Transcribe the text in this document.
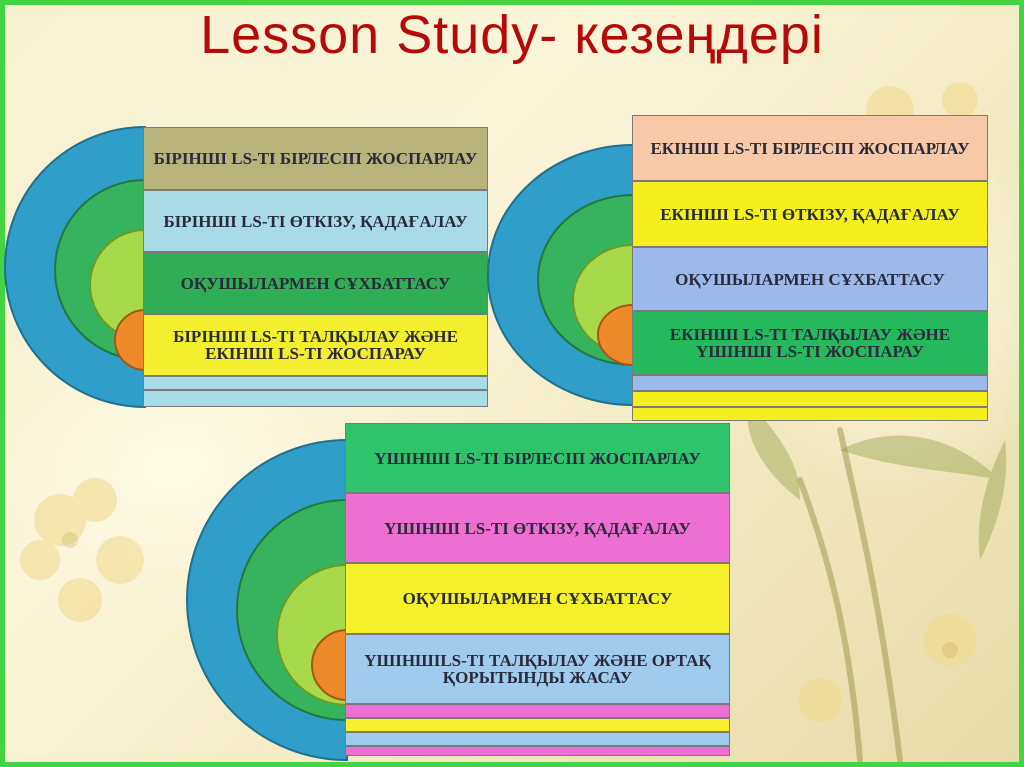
Lesson Study- кезеңдері
БІРІНШІ LS-ТІ БІРЛЕСІП ЖОСПАРЛАУ
БІРІНШІ LS-ТІ ӨТКІЗУ, ҚАДАҒАЛАУ
ОҚУШЫЛАРМЕН СҰХБАТТАСУ
БІРІНШІ LS-ТІ ТАЛҚЫЛАУ ЖӘНЕ ЕКІНШІ LS-ТІ ЖОСПАРАУ
ЕКІНШІ LS-ТІ БІРЛЕСІП ЖОСПАРЛАУ
ЕКІНШІ LS-ТІ ӨТКІЗУ, ҚАДАҒАЛАУ
ОҚУШЫЛАРМЕН СҰХБАТТАСУ
ЕКІНШІ LS-ТІ ТАЛҚЫЛАУ ЖӘНЕ ҮШІНШІ LS-ТІ ЖОСПАРАУ
ҮШІНШІ LS-ТІ БІРЛЕСІП ЖОСПАРЛАУ
ҮШІНШІ LS-ТІ ӨТКІЗУ, ҚАДАҒАЛАУ
ОҚУШЫЛАРМЕН СҰХБАТТАСУ
ҮШІНШІLS-ТІ ТАЛҚЫЛАУ ЖӘНЕ ОРТАҚ ҚОРЫТЫНДЫ ЖАСАУ
